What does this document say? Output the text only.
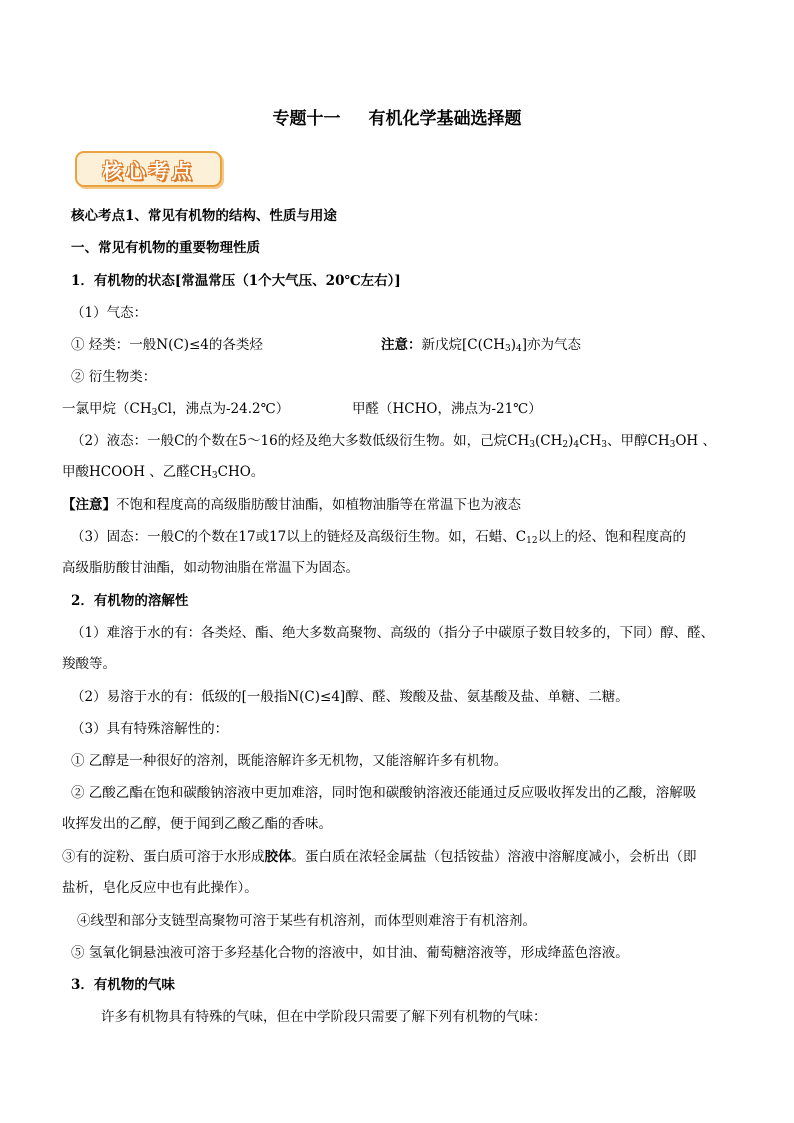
专题十一 有机化学基础选择题
核心考点
核心考点1、常见有机物的结构、性质与用途
一、常见有机物的重要物理性质
1．有机物的状态[常温常压（1个大气压、20℃左右）]
（1）气态：
① 烃类：一般N(C)≤4的各类烃	注意：新戊烷$[C(CH_3)_4]$亦为气态
② 衍生物类：
一氯甲烷（$CH_3Cl$，沸点为-24.2℃）	甲醛（HCHO，沸点为-21℃）
（2）液态：一般C的个数在5～16的烃及绝大多数低级衍生物。如，己烷$CH_3(CH_2)_4CH_3$、甲醇$CH_3OH$ 、
甲酸HCOOH 、乙醛$CH_3CHO$。
【注意】不饱和程度高的高级脂肪酸甘油酯，如植物油脂等在常温下也为液态
（3）固态：一般C的个数在17或17以上的链烃及高级衍生物。如，石蜡、$C_{12}$以上的烃、饱和程度高的
高级脂肪酸甘油酯，如动物油脂在常温下为固态。
2．有机物的溶解性
（1）难溶于水的有：各类烃、酯、绝大多数高聚物、高级的（指分子中碳原子数目较多的，下同）醇、醛、
羧酸等。
（2）易溶于水的有：低级的[一般指N(C)≤4]醇、醛、羧酸及盐、氨基酸及盐、单糖、二糖。
（3）具有特殊溶解性的：
① 乙醇是一种很好的溶剂，既能溶解许多无机物，又能溶解许多有机物。
② 乙酸乙酯在饱和碳酸钠溶液中更加难溶，同时饱和碳酸钠溶液还能通过反应吸收挥发出的乙酸，溶解吸
收挥发出的乙醇，便于闻到乙酸乙酯的香味。
③有的淀粉、蛋白质可溶于水形成胶体。蛋白质在浓轻金属盐（包括铵盐）溶液中溶解度减小，会析出（即
盐析，皂化反应中也有此操作）。
④线型和部分支链型高聚物可溶于某些有机溶剂，而体型则难溶于有机溶剂。
⑤ 氢氧化铜悬浊液可溶于多羟基化合物的溶液中，如甘油、葡萄糖溶液等，形成绛蓝色溶液。
3．有机物的气味
许多有机物具有特殊的气味，但在中学阶段只需要了解下列有机物的气味：
